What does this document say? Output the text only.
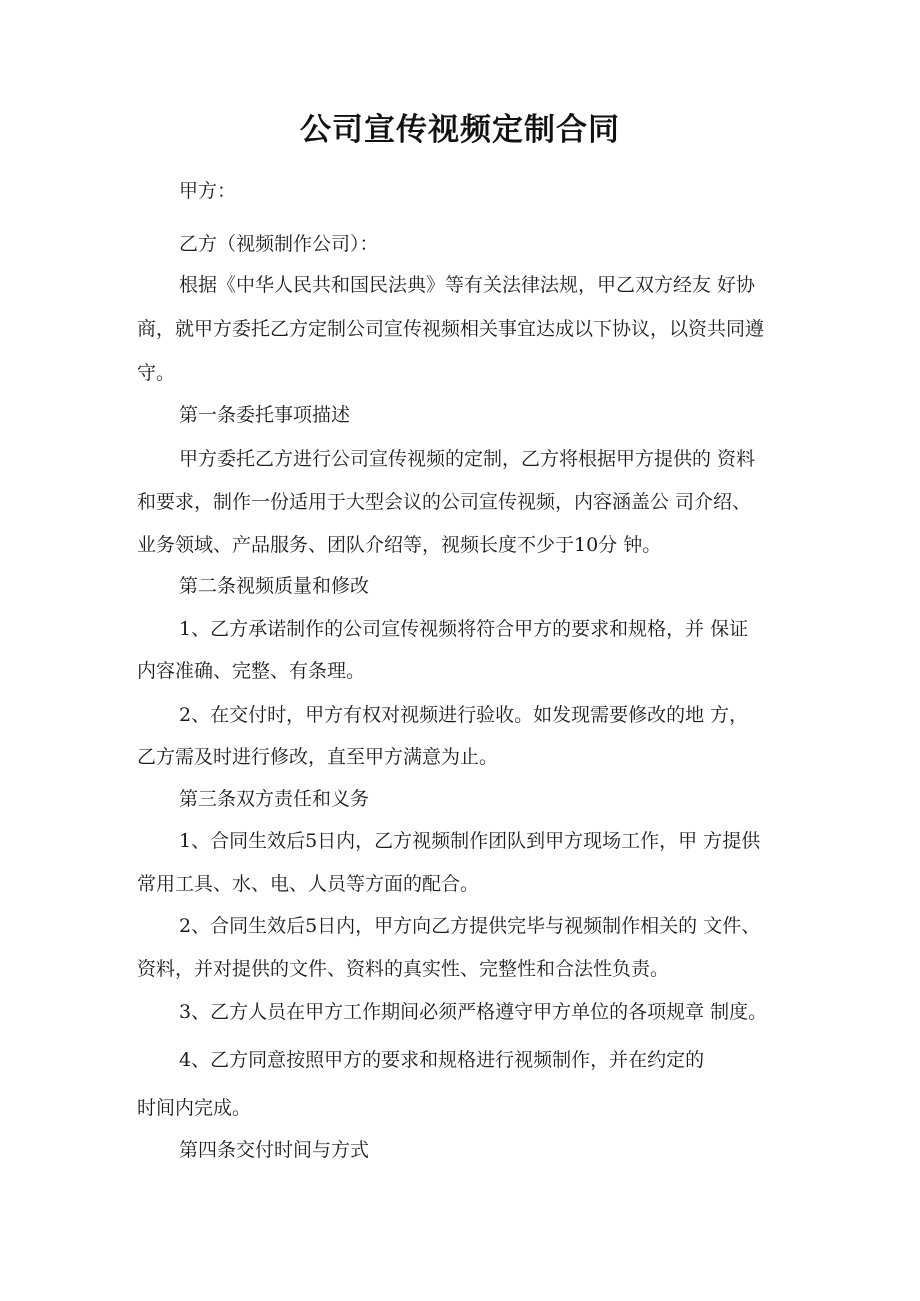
公司宣传视频定制合同
甲方：
乙方（视频制作公司）：
根据《中华人民共和国民法典》等有关法律法规，甲乙双方经友 好协
商，就甲方委托乙方定制公司宣传视频相关事宜达成以下协议，以资共同遵
守。
第一条委托事项描述
甲方委托乙方进行公司宣传视频的定制，乙方将根据甲方提供的 资料
和要求，制作一份适用于大型会议的公司宣传视频，内容涵盖公 司介绍、
业务领域、产品服务、团队介绍等，视频长度不少于10分 钟。
第二条视频质量和修改
1、乙方承诺制作的公司宣传视频将符合甲方的要求和规格，并 保证
内容准确、完整、有条理。
2、在交付时，甲方有权对视频进行验收。如发现需要修改的地 方，
乙方需及时进行修改，直至甲方满意为止。
第三条双方责任和义务
1、合同生效后5日内，乙方视频制作团队到甲方现场工作，甲 方提供
常用工具、水、电、人员等方面的配合。
2、合同生效后5日内，甲方向乙方提供完毕与视频制作相关的 文件、
资料，并对提供的文件、资料的真实性、完整性和合法性负责。
3、乙方人员在甲方工作期间必须严格遵守甲方单位的各项规章 制度。
4、乙方同意按照甲方的要求和规格进行视频制作，并在约定的
时间内完成。
第四条交付时间与方式
